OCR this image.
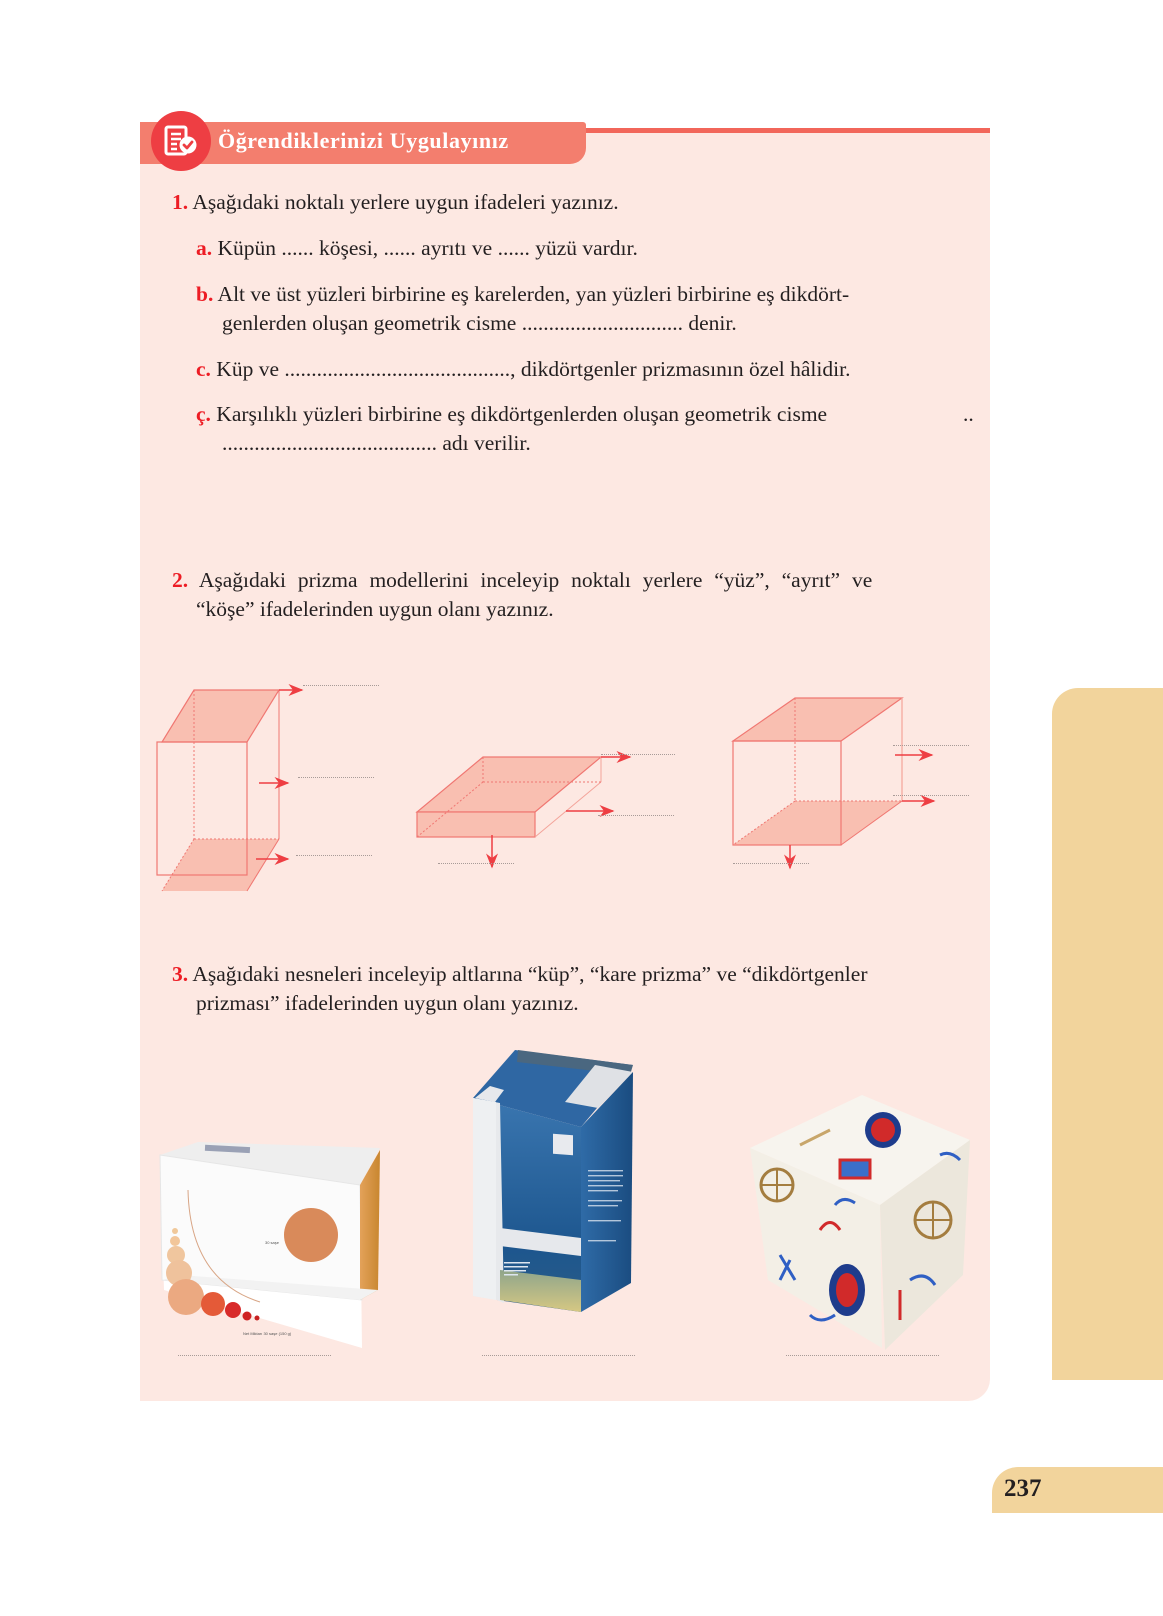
Öğrendiklerinizi Uygulayınız
1. Aşağıdaki noktalı yerlere uygun ifadeleri yazınız.
a. Küpün ...... köşesi, ...... ayrıtı ve ...... yüzü vardır.
b. Alt ve üst yüzleri birbirine eş karelerden, yan yüzleri birbirine eş dikdört-
genlerden oluşan geometrik cisme .............................. denir.
c. Küp ve .........................................., dikdörtgenler prizmasının özel hâlidir.
ç. Karşılıklı yüzleri birbirine eş dikdörtgenlerden oluşan geometrik cisme	..
........................................ adı verilir.
2. Aşağıdaki prizma modellerini inceleyip noktalı yerlere “yüz”, “ayrıt” ve
“köşe” ifadelerinden uygun olanı yazınız.
3. Aşağıdaki nesneleri inceleyip altlarına “küp”, “kare prizma” ve “dikdörtgenler
prizması” ifadelerinden uygun olanı yazınız.
30 saşe
Net Miktarı 30 saşe (150 g)
237
